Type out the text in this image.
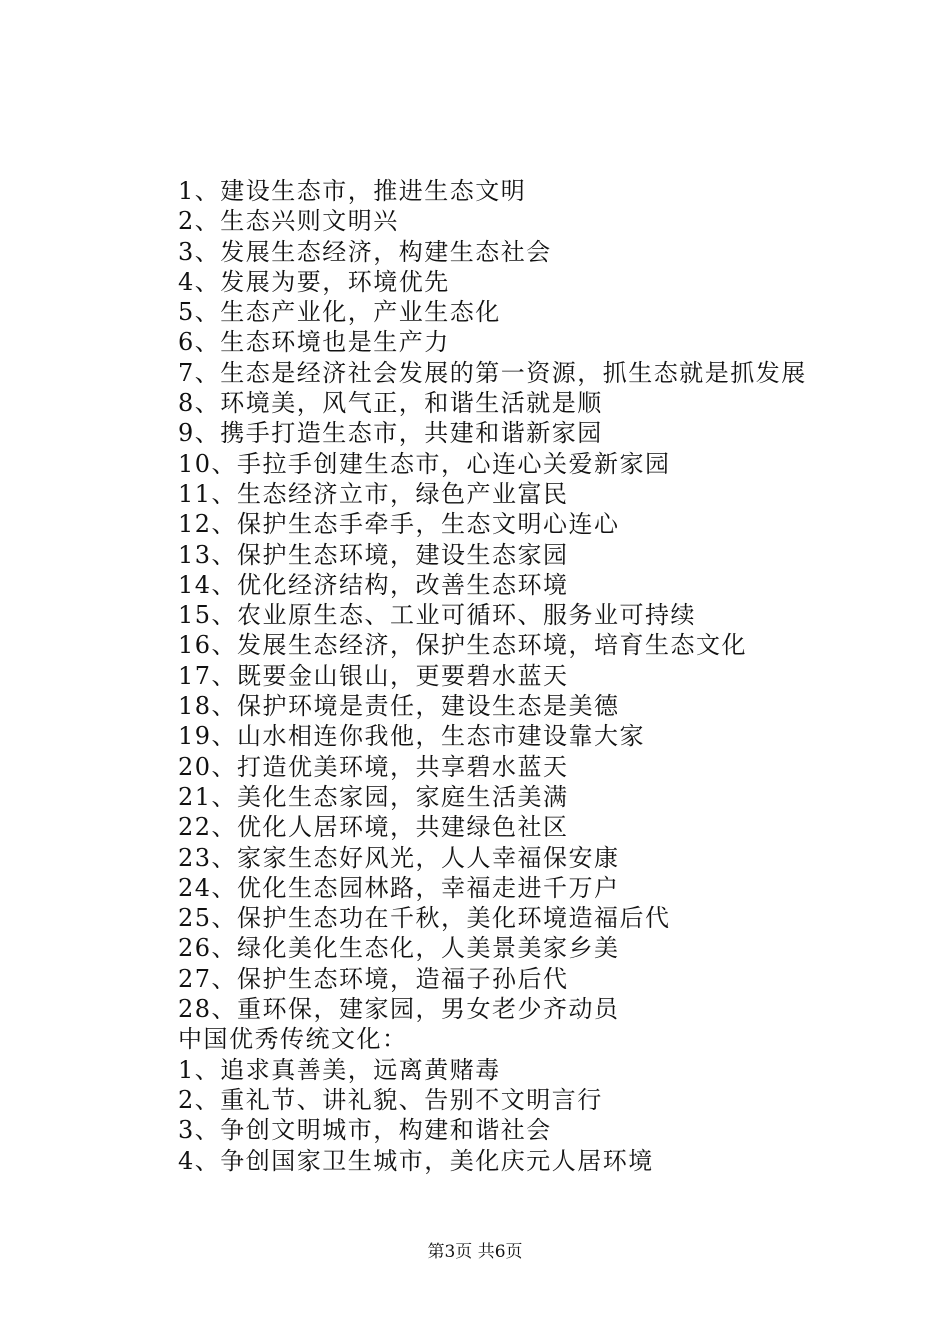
1、建设生态市，推进生态文明
2、生态兴则文明兴
3、发展生态经济，构建生态社会
4、发展为要，环境优先
5、生态产业化，产业生态化
6、生态环境也是生产力
7、生态是经济社会发展的第一资源，抓生态就是抓发展
8、环境美，风气正，和谐生活就是顺
9、携手打造生态市，共建和谐新家园
10、手拉手创建生态市，心连心关爱新家园
11、生态经济立市，绿色产业富民
12、保护生态手牵手，生态文明心连心
13、保护生态环境，建设生态家园
14、优化经济结构，改善生态环境
15、农业原生态、工业可循环、服务业可持续
16、发展生态经济，保护生态环境，培育生态文化
17、既要金山银山，更要碧水蓝天
18、保护环境是责任，建设生态是美德
19、山水相连你我他，生态市建设靠大家
20、打造优美环境，共享碧水蓝天
21、美化生态家园，家庭生活美满
22、优化人居环境，共建绿色社区
23、家家生态好风光，人人幸福保安康
24、优化生态园林路，幸福走进千万户
25、保护生态功在千秋，美化环境造福后代
26、绿化美化生态化，人美景美家乡美
27、保护生态环境，造福子孙后代
28、重环保，建家园，男女老少齐动员
中国优秀传统文化：
1、追求真善美，远离黄赌毒
2、重礼节、讲礼貌、告别不文明言行
3、争创文明城市，构建和谐社会
4、争创国家卫生城市，美化庆元人居环境
第3页 共6页
